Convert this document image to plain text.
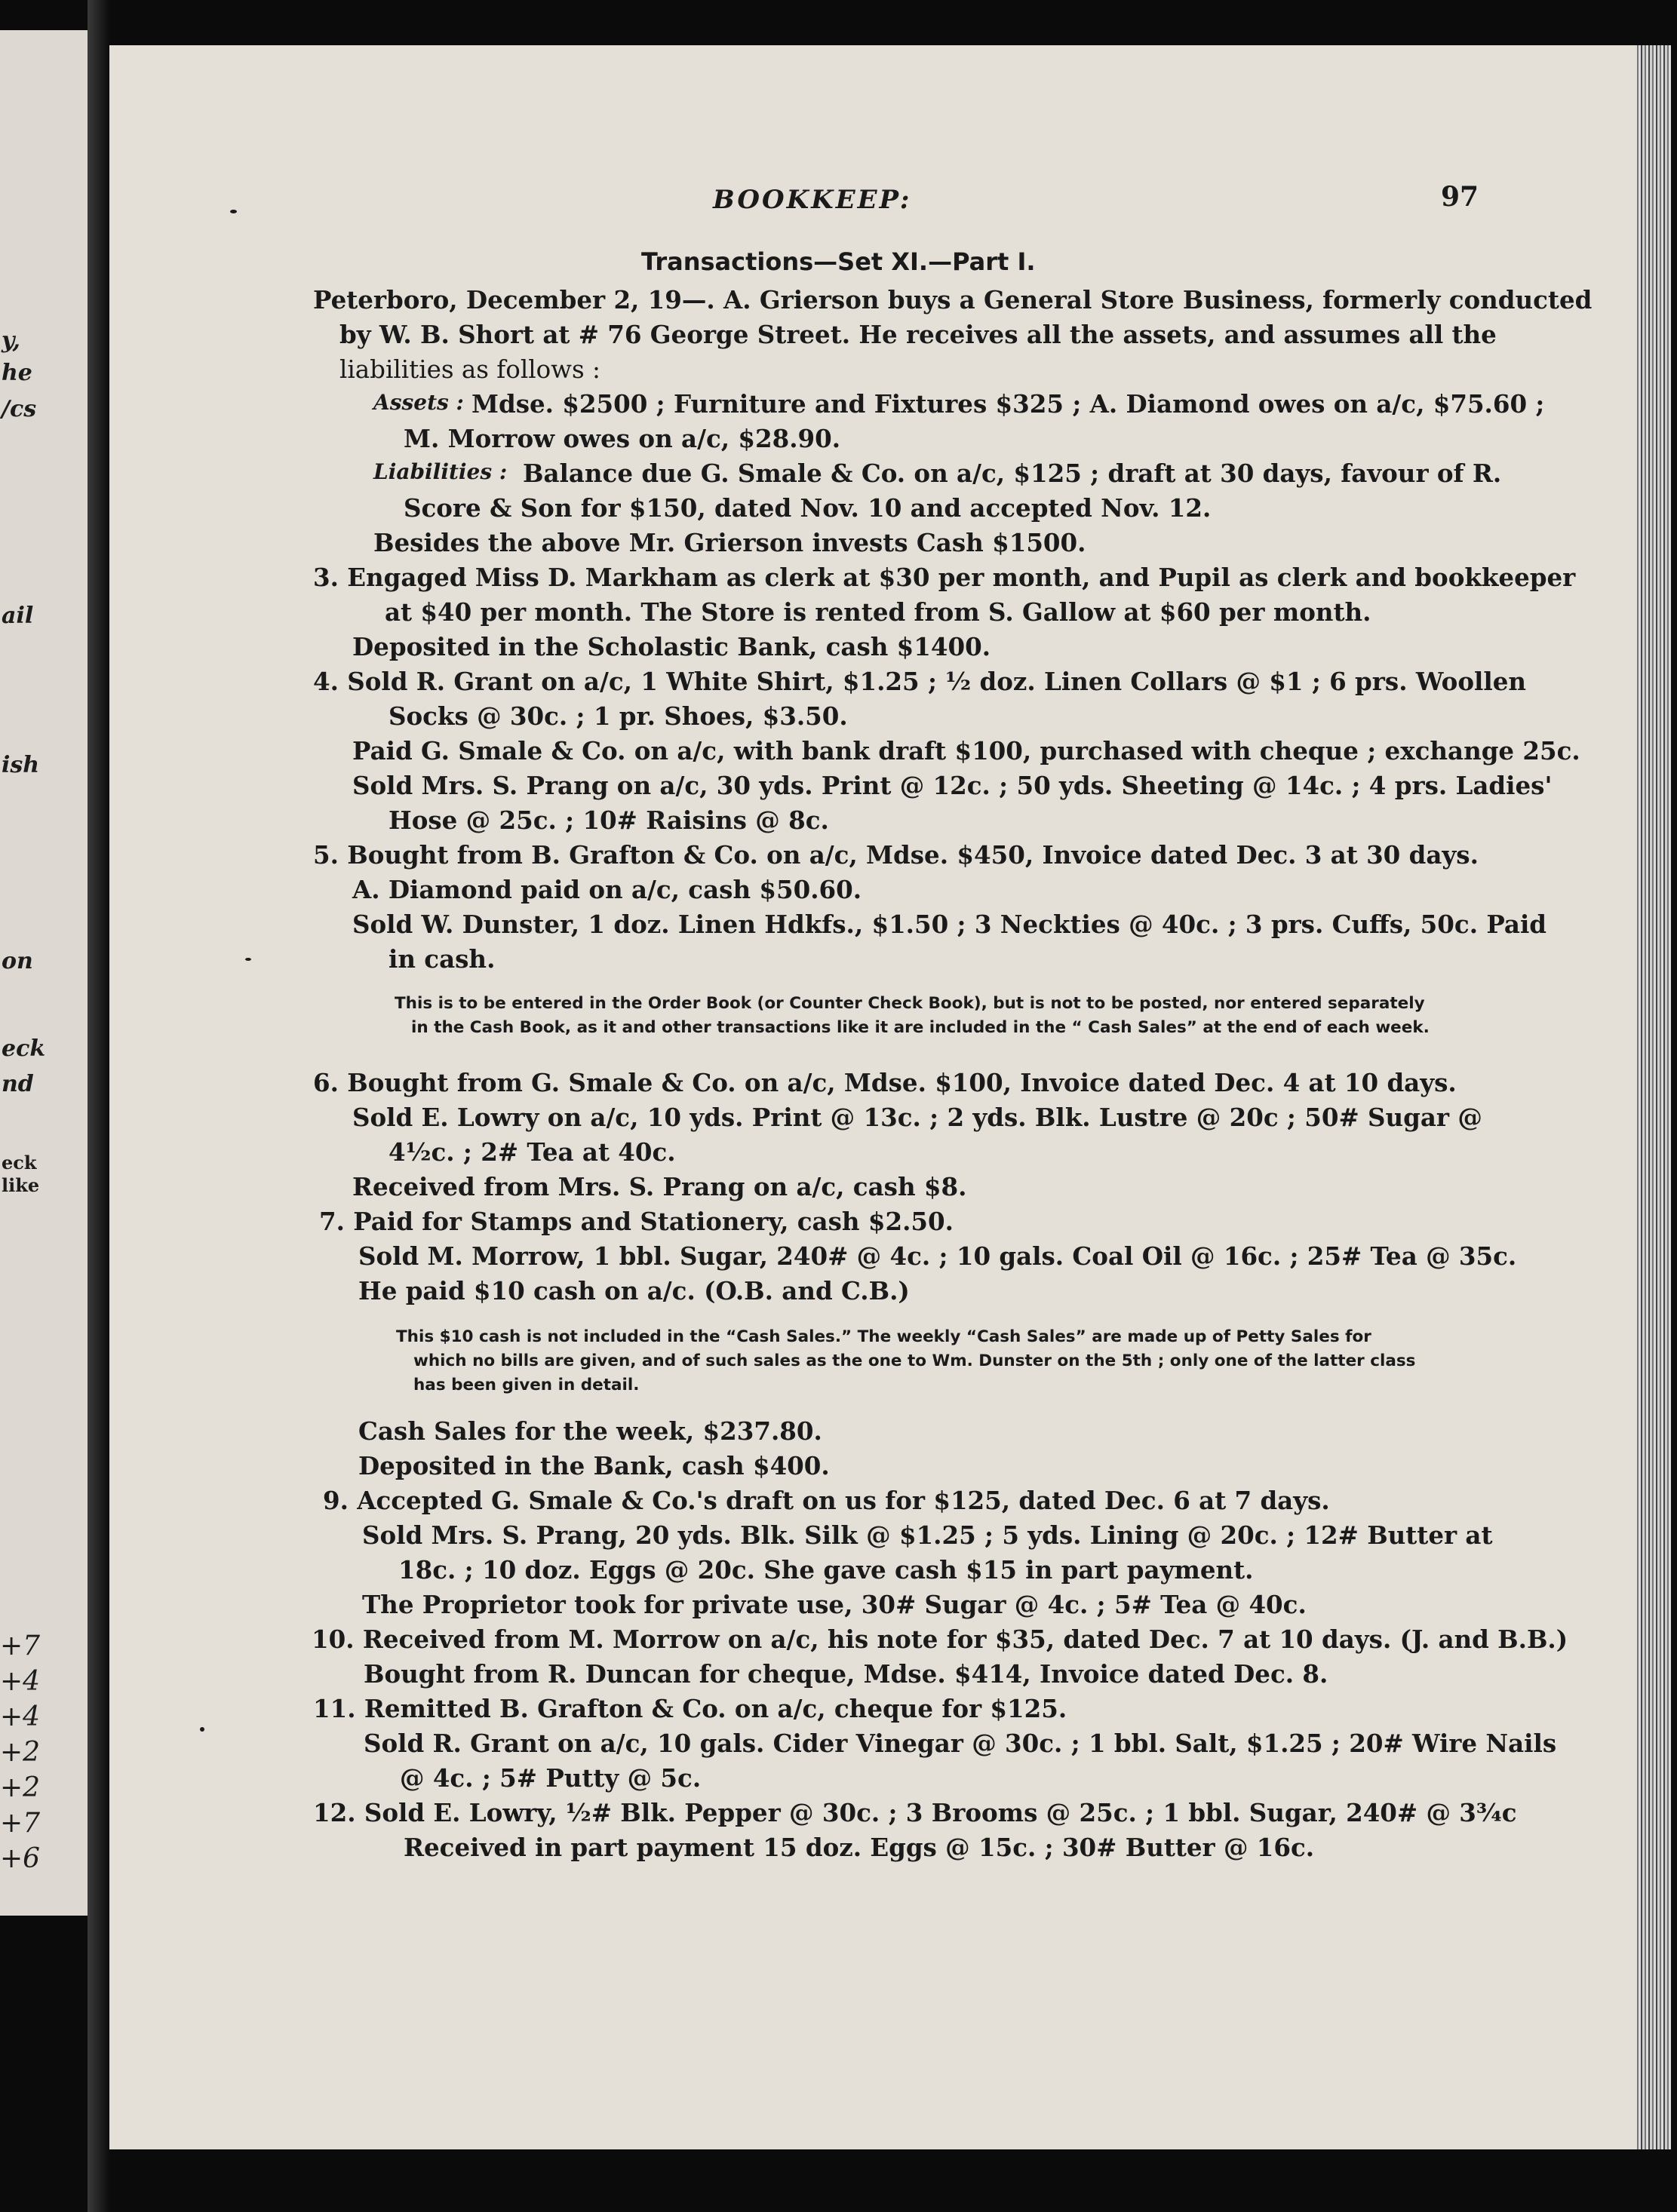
y,
he
/cs
ail
ish
on
eck
nd
eck
like
+7
+4
+4
+2
+2
+7
+6
BOOKKEEP:	97
Transactions—Set XI.—Part I.
Peterboro, December 2, 19—. A. Grierson buys a General Store Business, formerly conducted
by W. B. Short at # 76 George Street. He receives all the assets, and assumes all the
liabilities as follows :
Assets : Mdse. $2500 ; Furniture and Fixtures $325 ; A. Diamond owes on a/c, $75.60 ;
M. Morrow owes on a/c, $28.90.
Liabilities : Balance due G. Smale & Co. on a/c, $125 ; draft at 30 days, favour of R.
Score & Son for $150, dated Nov. 10 and accepted Nov. 12.
Besides the above Mr. Grierson invests Cash $1500.
3. Engaged Miss D. Markham as clerk at $30 per month, and Pupil as clerk and bookkeeper
at $40 per month. The Store is rented from S. Gallow at $60 per month.
Deposited in the Scholastic Bank, cash $1400.
4. Sold R. Grant on a/c, 1 White Shirt, $1.25 ; ½ doz. Linen Collars @ $1 ; 6 prs. Woollen
Socks @ 30c. ; 1 pr. Shoes, $3.50.
Paid G. Smale & Co. on a/c, with bank draft $100, purchased with cheque ; exchange 25c.
Sold Mrs. S. Prang on a/c, 30 yds. Print @ 12c. ; 50 yds. Sheeting @ 14c. ; 4 prs. Ladies'
Hose @ 25c. ; 10# Raisins @ 8c.
5. Bought from B. Grafton & Co. on a/c, Mdse. $450, Invoice dated Dec. 3 at 30 days.
A. Diamond paid on a/c, cash $50.60.
Sold W. Dunster, 1 doz. Linen Hdkfs., $1.50 ; 3 Neckties @ 40c. ; 3 prs. Cuffs, 50c. Paid
in cash.
This is to be entered in the Order Book (or Counter Check Book), but is not to be posted, nor entered separately
in the Cash Book, as it and other transactions like it are included in the “ Cash Sales” at the end of each week.
6. Bought from G. Smale & Co. on a/c, Mdse. $100, Invoice dated Dec. 4 at 10 days.
Sold E. Lowry on a/c, 10 yds. Print @ 13c. ; 2 yds. Blk. Lustre @ 20c ; 50# Sugar @
4½c. ; 2# Tea at 40c.
Received from Mrs. S. Prang on a/c, cash $8.
7. Paid for Stamps and Stationery, cash $2.50.
Sold M. Morrow, 1 bbl. Sugar, 240# @ 4c. ; 10 gals. Coal Oil @ 16c. ; 25# Tea @ 35c.
He paid $10 cash on a/c. (O.B. and C.B.)
This $10 cash is not included in the “Cash Sales.” The weekly “Cash Sales” are made up of Petty Sales for
which no bills are given, and of such sales as the one to Wm. Dunster on the 5th ; only one of the latter class
has been given in detail.
Cash Sales for the week, $237.80.
Deposited in the Bank, cash $400.
9. Accepted G. Smale & Co.'s draft on us for $125, dated Dec. 6 at 7 days.
Sold Mrs. S. Prang, 20 yds. Blk. Silk @ $1.25 ; 5 yds. Lining @ 20c. ; 12# Butter at
18c. ; 10 doz. Eggs @ 20c. She gave cash $15 in part payment.
The Proprietor took for private use, 30# Sugar @ 4c. ; 5# Tea @ 40c.
10. Received from M. Morrow on a/c, his note for $35, dated Dec. 7 at 10 days. (J. and B.B.)
Bought from R. Duncan for cheque, Mdse. $414, Invoice dated Dec. 8.
11. Remitted B. Grafton & Co. on a/c, cheque for $125.
Sold R. Grant on a/c, 10 gals. Cider Vinegar @ 30c. ; 1 bbl. Salt, $1.25 ; 20# Wire Nails
@ 4c. ; 5# Putty @ 5c.
12. Sold E. Lowry, ½# Blk. Pepper @ 30c. ; 3 Brooms @ 25c. ; 1 bbl. Sugar, 240# @ 3¾c
Received in part payment 15 doz. Eggs @ 15c. ; 30# Butter @ 16c.
